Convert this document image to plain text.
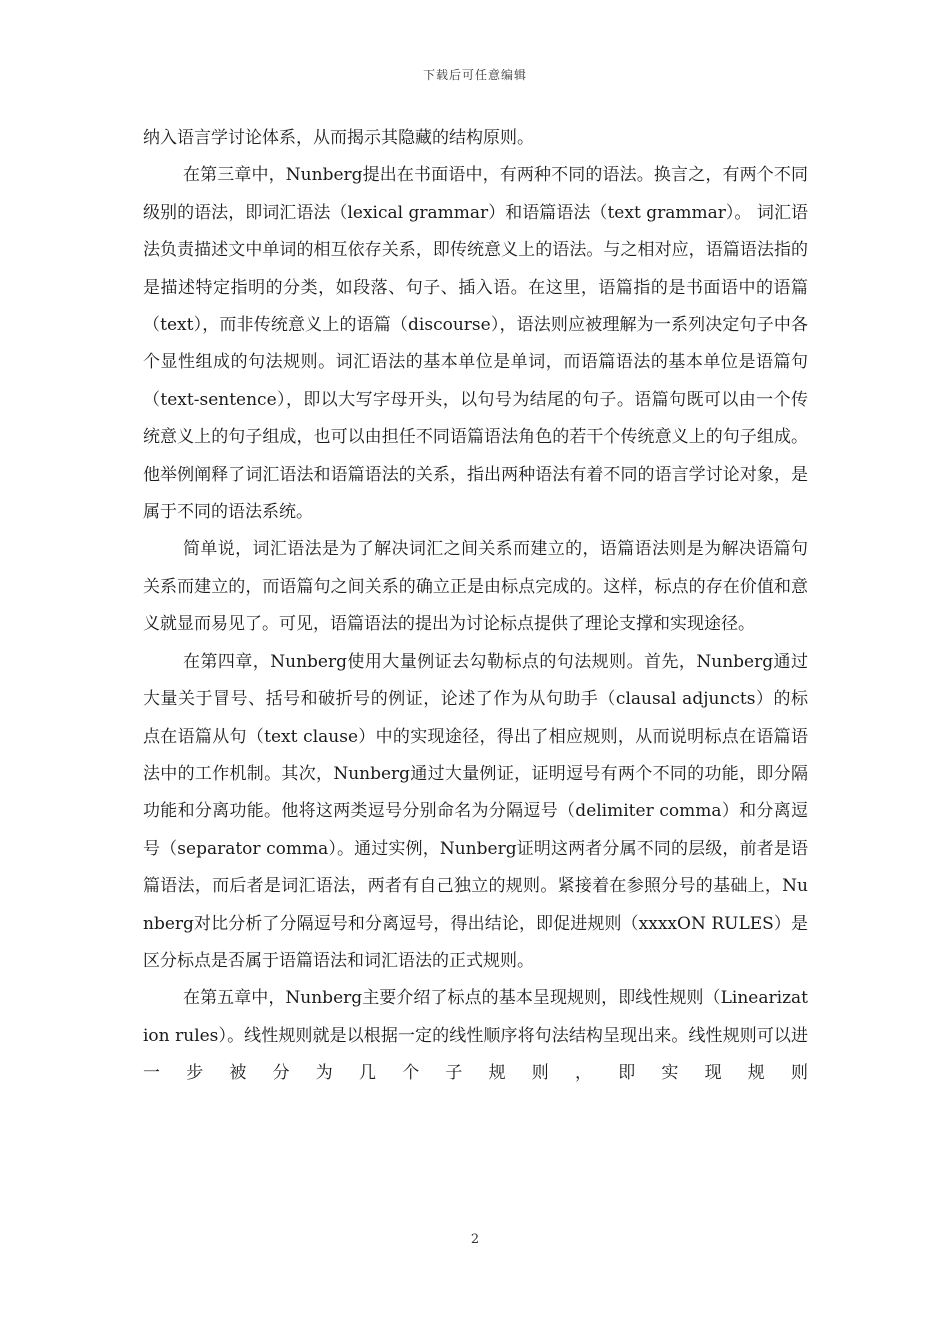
下载后可任意编辑

纳入语言学讨论体系，从而揭示其隐藏的结构原则。

在第三章中，Nunberg提出在书面语中，有两种不同的语法。换言之，有两个不同级别的语法，即词汇语法（lexical grammar）和语篇语法（text grammar）。 词汇语法负责描述文中单词的相互依存关系，即传统意义上的语法。与之相对应，语篇语法指的是描述特定指明的分类，如段落、句子、插入语。在这里，语篇指的是书面语中的语篇（text），而非传统意义上的语篇（discourse），语法则应被理解为一系列决定句子中各个显性组成的句法规则。词汇语法的基本单位是单词，而语篇语法的基本单位是语篇句（text-sentence），即以大写字母开头，以句号为结尾的句子。语篇句既可以由一个传统意义上的句子组成，也可以由担任不同语篇语法角色的若干个传统意义上的句子组成。他举例阐释了词汇语法和语篇语法的关系，指出两种语法有着不同的语言学讨论对象，是属于不同的语法系统。

简单说，词汇语法是为了解决词汇之间关系而建立的，语篇语法则是为解决语篇句关系而建立的，而语篇句之间关系的确立正是由标点完成的。这样，标点的存在价值和意义就显而易见了。可见，语篇语法的提出为讨论标点提供了理论支撑和实现途径。

在第四章，Nunberg使用大量例证去勾勒标点的句法规则。首先，Nunberg通过大量关于冒号、括号和破折号的例证，论述了作为从句助手（clausal adjuncts）的标点在语篇从句（text clause）中的实现途径，得出了相应规则，从而说明标点在语篇语法中的工作机制。其次，Nunberg通过大量例证，证明逗号有两个不同的功能，即分隔功能和分离功能。他将这两类逗号分别命名为分隔逗号（delimiter comma）和分离逗号（separator comma）。通过实例，Nunberg证明这两者分属不同的层级，前者是语篇语法，而后者是词汇语法，两者有自己独立的规则。紧接着在参照分号的基础上，Nunberg对比分析了分隔逗号和分离逗号，得出结论，即促进规则（xxxxON RULES）是区分标点是否属于语篇语法和词汇语法的正式规则。

在第五章中，Nunberg主要介绍了标点的基本呈现规则，即线性规则（Linearization rules）。线性规则就是以根据一定的线性顺序将句法结构呈现出来。线性规则可以进一步被分为几个子规则，即实现规则

2
